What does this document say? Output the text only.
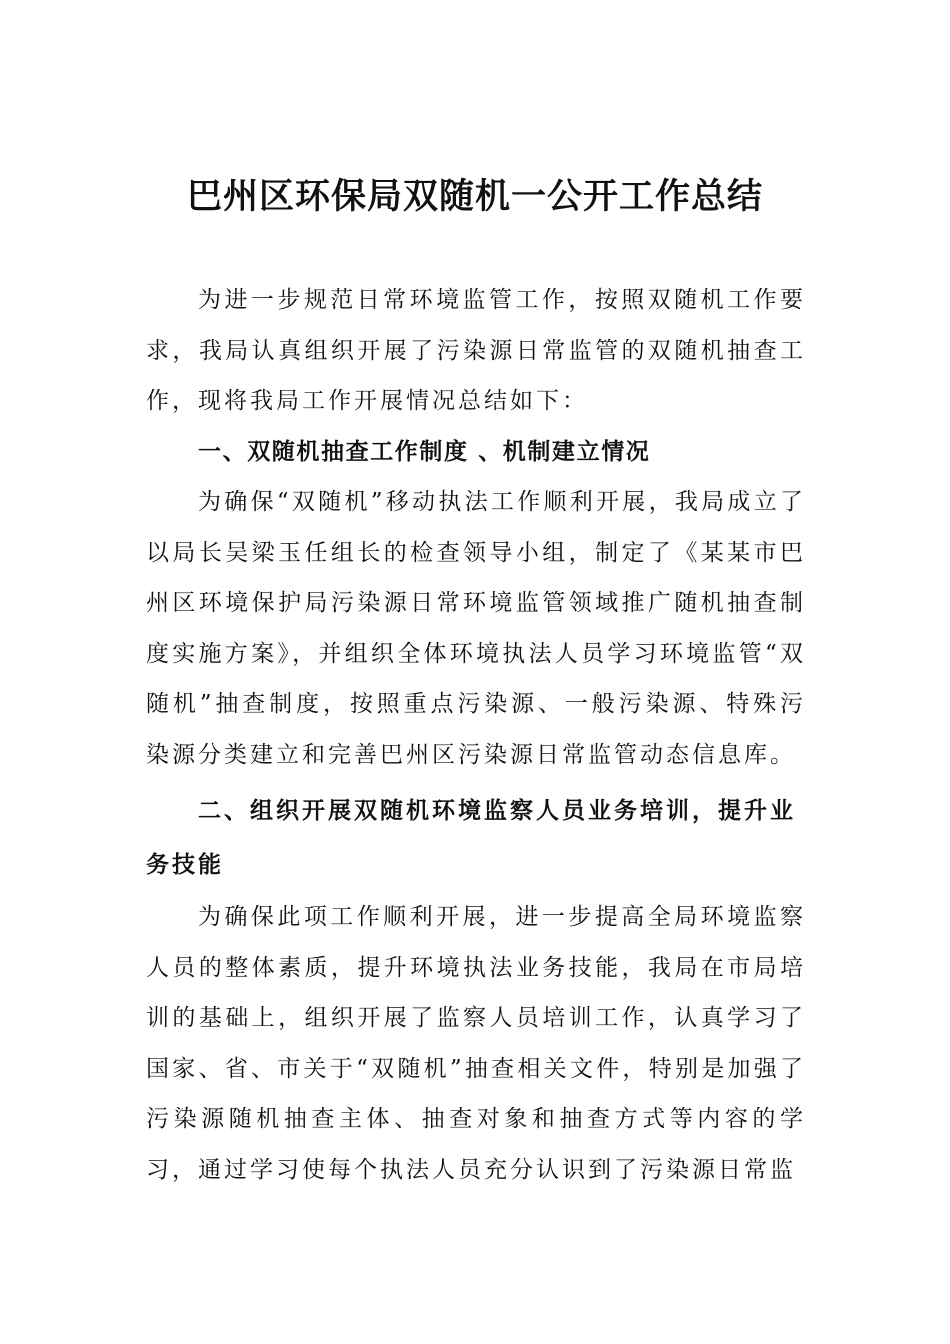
巴州区环保局双随机一公开工作总结

为进一步规范日常环境监管工作，按照双随机工作要求，我局认真组织开展了污染源日常监管的双随机抽查工作，现将我局工作开展情况总结如下：

一、双随机抽查工作制度 、机制建立情况

为确保“双随机”移动执法工作顺利开展，我局成立了以局长吴梁玉任组长的检查领导小组，制定了《某某市巴州区环境保护局污染源日常环境监管领域推广随机抽查制度实施方案》，并组织全体环境执法人员学习环境监管“双随机”抽查制度，按照重点污染源、一般污染源、特殊污染源分类建立和完善巴州区污染源日常监管动态信息库。

二、组织开展双随机环境监察人员业务培训，提升业务技能

为确保此项工作顺利开展，进一步提高全局环境监察人员的整体素质，提升环境执法业务技能，我局在市局培训的基础上，组织开展了监察人员培训工作，认真学习了国家、省、市关于“双随机”抽查相关文件，特别是加强了污染源随机抽查主体、抽查对象和抽查方式等内容的学习，通过学习使每个执法人员充分认识到了污染源日常监
